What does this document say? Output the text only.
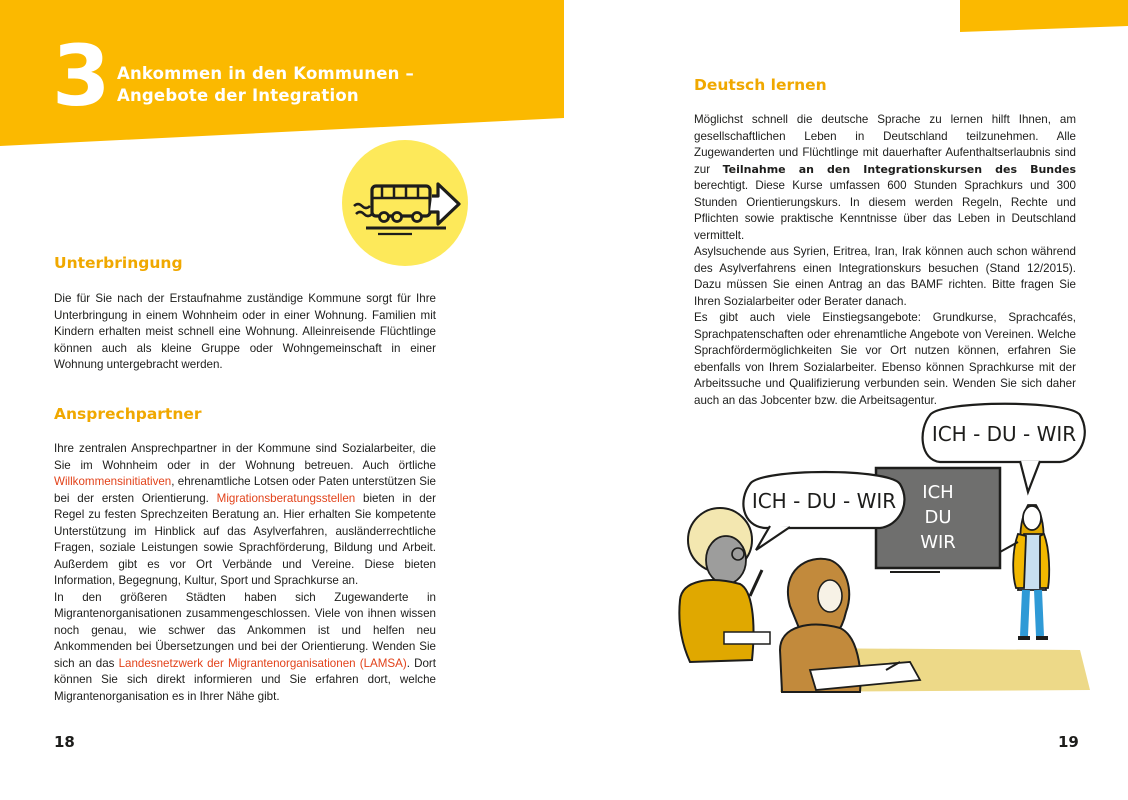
3 Ankommen in den Kommunen –
Angebote der Integration
Unterbringung

Die für Sie nach der Erstaufnahme zuständige Kommune sorgt für Ihre Unterbringung in einem Wohnheim oder in einer Wohnung. Familien mit Kindern erhalten meist schnell eine Wohnung. Alleinreisende Flüchtlinge können auch als kleine Gruppe oder Wohngemeinschaft in einer Wohnung untergebracht werden.

Ansprechpartner

Ihre zentralen Ansprechpartner in der Kommune sind Sozialarbeiter, die Sie im Wohnheim oder in der Wohnung betreuen. Auch örtliche Willkommensinitiativen, ehrenamtliche Lotsen oder Paten unterstützen Sie bei der ersten Orientierung. Migrationsberatungsstellen bieten in der Regel zu festen Sprechzeiten Beratung an. Hier erhalten Sie kompetente Unterstützung im Hinblick auf das Asylverfahren, ausländerrechtliche Fragen, soziale Leistungen sowie Sprachförderung, Bildung und Arbeit. Außerdem gibt es vor Ort Verbände und Vereine. Diese bieten Information, Begegnung, Kultur, Sport und Sprachkurse an.

In den größeren Städten haben sich Zugewanderte in Migrantenorganisationen zusammengeschlossen. Viele von ihnen wissen noch genau, wie schwer das Ankommen ist und helfen neu Ankommenden bei Übersetzungen und bei der Orientierung. Wenden Sie sich an das Landesnetzwerk der Migrantenorganisationen (LAMSA). Dort können Sie sich direkt informieren und Sie erfahren dort, welche Migrantenorganisation es in Ihrer Nähe gibt.

18
Deutsch lernen

Möglichst schnell die deutsche Sprache zu lernen hilft Ihnen, am gesellschaftlichen Leben in Deutschland teilzunehmen. Alle Zugewanderten und Flüchtlinge mit dauerhafter Aufenthaltserlaubnis sind zur Teilnahme an den Integrationskursen des Bundes berechtigt. Diese Kurse umfassen 600 Stunden Sprachkurs und 300 Stunden Orientierungskurs. In diesem werden Regeln, Rechte und Pflichten sowie praktische Kenntnisse über das Leben in Deutschland vermittelt.

Asylsuchende aus Syrien, Eritrea, Iran, Irak können auch schon während des Asylverfahrens einen Integrationskurs besuchen (Stand 12/2015). Dazu müssen Sie einen Antrag an das BAMF richten. Bitte fragen Sie Ihren Sozialarbeiter oder Berater danach.

Es gibt auch viele Einstiegsangebote: Grundkurse, Sprachcafés, Sprachpatenschaften oder ehrenamtliche Angebote von Vereinen. Welche Sprachfördermöglichkeiten Sie vor Ort nutzen können, erfahren Sie ebenfalls von Ihrem Sozialarbeiter. Ebenso können Sprachkurse mit der Arbeitssuche und Qualifizierung verbunden sein. Wenden Sie sich daher auch an das Jobcenter bzw. die Arbeitsagentur.

19
ICH
DU
WIR
ICH - DU - WIR
ICH - DU - WIR
